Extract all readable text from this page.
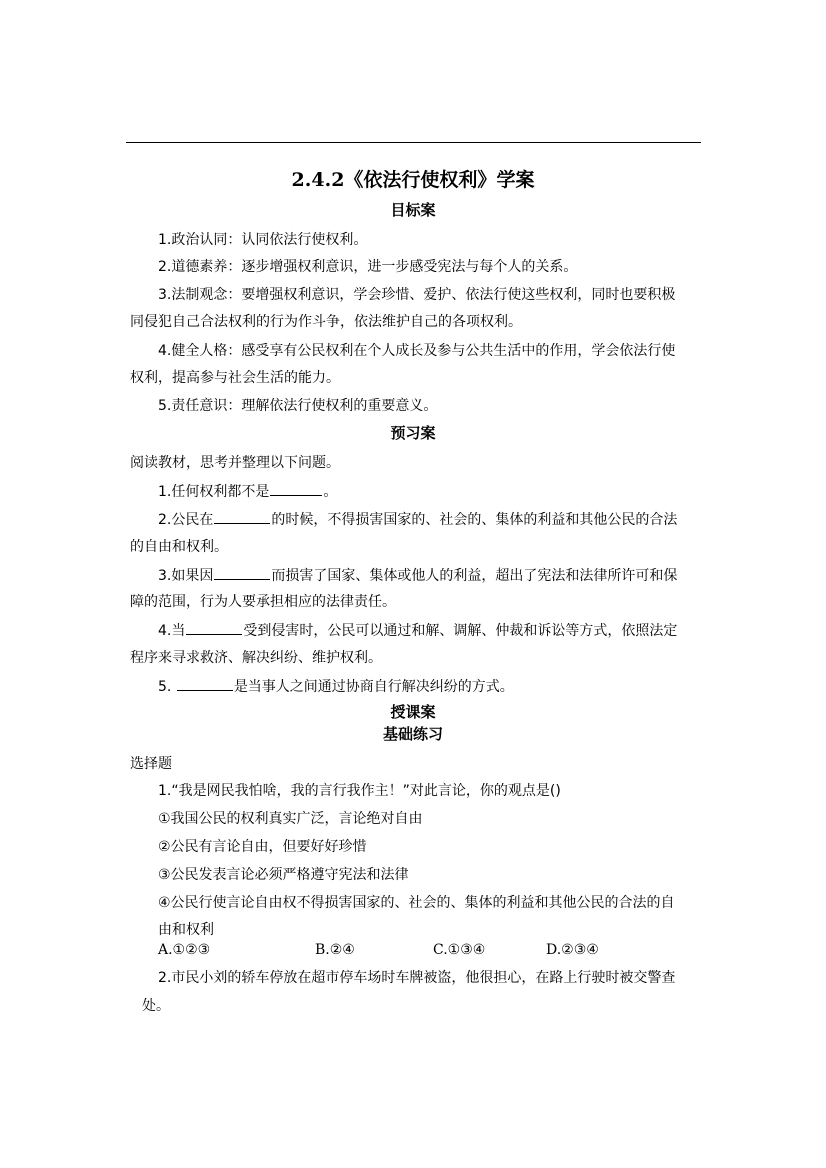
2.4.2《依法行使权利》学案
目标案
1.政治认同：认同依法行使权利。
2.道德素养：逐步增强权利意识，进一步感受宪法与每个人的关系。
3.法制观念：要增强权利意识，学会珍惜、爱护、依法行使这些权利，同时也要积极
同侵犯自己合法权利的行为作斗争，依法维护自己的各项权利。
4.健全人格：感受享有公民权利在个人成长及参与公共生活中的作用，学会依法行使
权利，提高参与社会生活的能力。
5.责任意识：理解依法行使权利的重要意义。
预习案
阅读教材，思考并整理以下问题。
1.任何权利都不是	。
2.公民在	的时候，不得损害国家的、社会的、集体的利益和其他公民的合法
的自由和权利。
3.如果因	而损害了国家、集体或他人的利益，超出了宪法和法律所许可和保
障的范围，行为人要承担相应的法律责任。
4.当	受到侵害时，公民可以通过和解、调解、仲裁和诉讼等方式，依照法定
程序来寻求救济、解决纠纷、维护权利。
5.	是当事人之间通过协商自行解决纠纷的方式。
授课案
基础练习
选择题
1.“我是网民我怕啥，我的言行我作主！”对此言论，你的观点是()
①我国公民的权利真实广泛，言论绝对自由
②公民有言论自由，但要好好珍惜
③公民发表言论必须严格遵守宪法和法律
④公民行使言论自由权不得损害国家的、社会的、集体的利益和其他公民的合法的自
由和权利
A.①②③	B.②④	C.①③④	D.②③④
2.市民小刘的轿车停放在超市停车场时车牌被盗，他很担心，在路上行驶时被交警查
处。
